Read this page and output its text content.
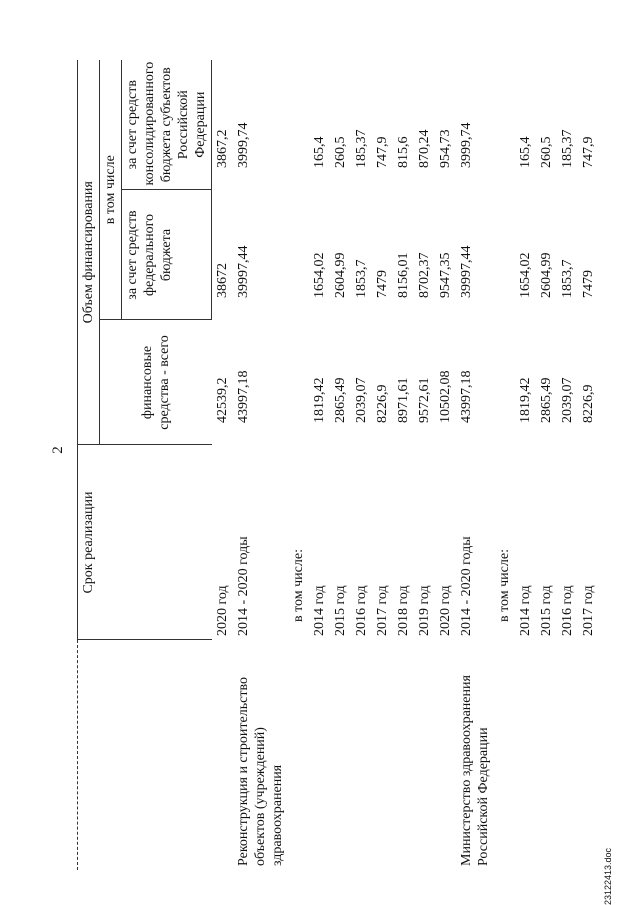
2
	Срок реализации	Объем финансирования		
		финансовые средства - всего	в том числе	
			за счет средств федерального бюджета	за счет средств консолидированного бюджета субъектов Российской Федерации
	2020 год	42539,2	38672	3867,2
Реконструкция и строительство объектов (учреждений) здравоохранения	2014 - 2020 годы	43997,18	39997,44	3999,74
	в том числе:			
	2014 год	1819,42	1654,02	165,4
	2015 год	2865,49	2604,99	260,5
	2016 год	2039,07	1853,7	185,37
	2017 год	8226,9	7479	747,9
	2018 год	8971,61	8156,01	815,6
	2019 год	9572,61	8702,37	870,24
	2020 год	10502,08	9547,35	954,73
Министерство здравоохранения Российской Федерации	2014 - 2020 годы	43997,18	39997,44	3999,74
	в том числе:			
	2014 год	1819,42	1654,02	165,4
	2015 год	2865,49	2604,99	260,5
	2016 год	2039,07	1853,7	185,37
	2017 год	8226,9	7479	747,9
23122413.doc
